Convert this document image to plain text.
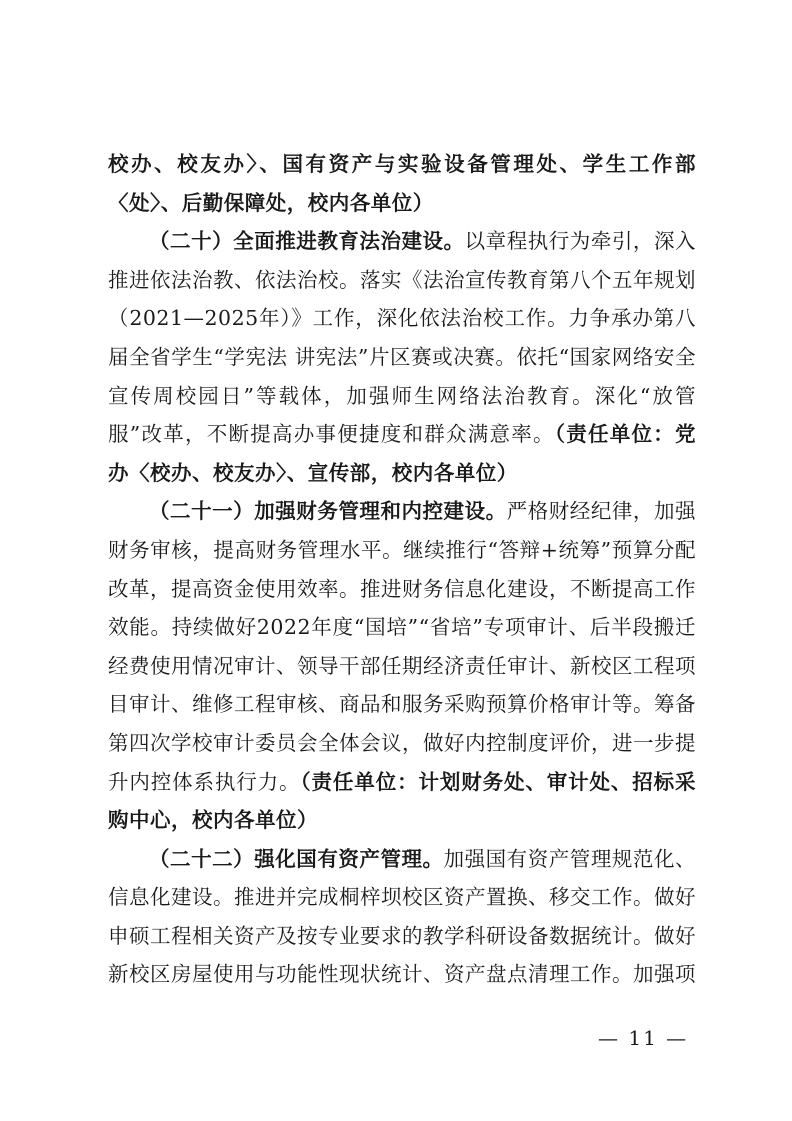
校办、校友办〉、国有资产与实验设备管理处、学生工作部〈处〉、后勤保障处，校内各单位）

（二十）全面推进教育法治建设。以章程执行为牵引，深入推进依法治教、依法治校。落实《法治宣传教育第八个五年规划（2021—2025年）》工作，深化依法治校工作。力争承办第八届全省学生“学宪法 讲宪法”片区赛或决赛。依托“国家网络安全宣传周校园日”等载体，加强师生网络法治教育。深化“放管服”改革，不断提高办事便捷度和群众满意率。（责任单位：党办〈校办、校友办〉、宣传部，校内各单位）

（二十一）加强财务管理和内控建设。严格财经纪律，加强财务审核，提高财务管理水平。继续推行“答辩+统筹”预算分配改革，提高资金使用效率。推进财务信息化建设，不断提高工作效能。持续做好2022年度“国培”“省培”专项审计、后半段搬迁经费使用情况审计、领导干部任期经济责任审计、新校区工程项目审计、维修工程审核、商品和服务采购预算价格审计等。筹备第四次学校审计委员会全体会议，做好内控制度评价，进一步提升内控体系执行力。（责任单位：计划财务处、审计处、招标采购中心，校内各单位）

（二十二）强化国有资产管理。加强国有资产管理规范化、信息化建设。推进并完成桐梓坝校区资产置换、移交工作。做好申硕工程相关资产及按专业要求的教学科研设备数据统计。做好新校区房屋使用与功能性现状统计、资产盘点清理工作。加强项

— 11 —
